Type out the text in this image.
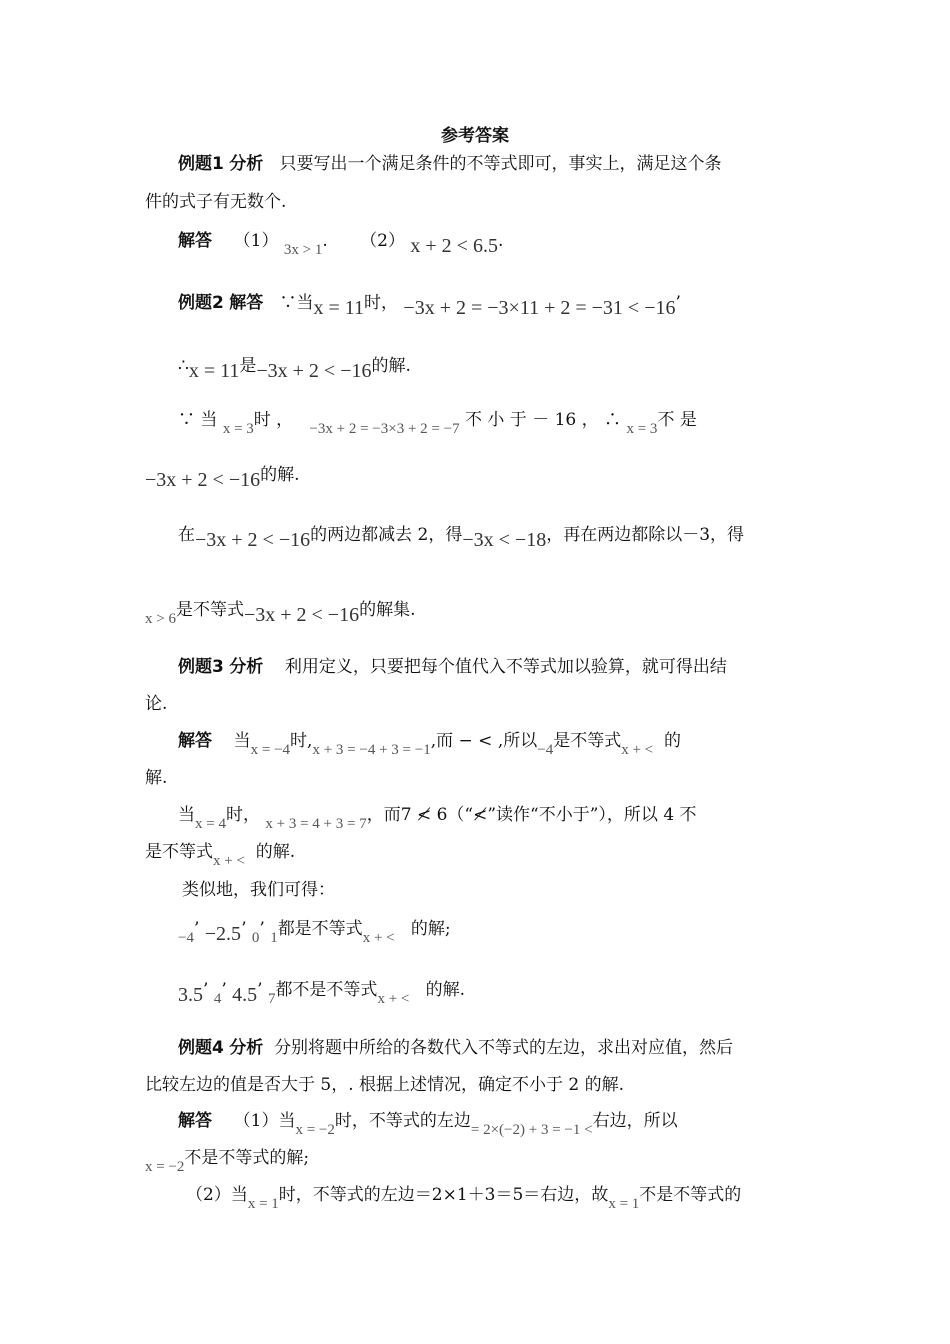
参考答案
例题1 分析 只要写出一个满足条件的不等式即可，事实上，满足这个条
件的式子有无数个.
解答 （1） 3x > 1.      （2） x + 2 < 6.5.
例题2 解答 ∵当x = 11时， −3x + 2 = −3×11 + 2 = −31 < −16’
∴x = 11是−3x + 2 < −16的解.
∵ 当 x = 3时 ， −3x + 2 = −3×3 + 2 = −7 不 小 于 － 16 ， ∴ x = 3不 是
−3x + 2 < −16的解.
在−3x + 2 < −16的两边都减去 2，得−3x < −18，再在两边都除以－3，得
x > 6是不等式−3x + 2 < −16的解集.
例题3 分析 利用定义，只要把每个值代入不等式加以验算，就可得出结
论.
解答 当x = −4时,x + 3 = −4 + 3 = −1,而 − < ,所以−4是不等式x + < 的
解.
当x = 4时， x + 3 = 4 + 3 = 7，而7 ≮ 6（“≮”读作“不小于”），所以 4 不
是不等式x + < 的解.
类似地，我们可得：
−4’ −2.5’ 0’ 1都是不等式x + < 的解;
3.5’ 4’ 4.5’ 7都不是不等式x + < 的解.
例题4 分析 分别将题中所给的各数代入不等式的左边，求出对应值，然后
比较左边的值是否大于 5，. 根据上述情况，确定不小于 2 的解.
解答 （1）当x = −2时，不等式的左边= 2×(−2) + 3 = −1 <右边，所以
x = −2不是不等式的解;
（2）当x = 1时，不等式的左边＝2×1＋3＝5＝右边，故x = 1不是不等式的
